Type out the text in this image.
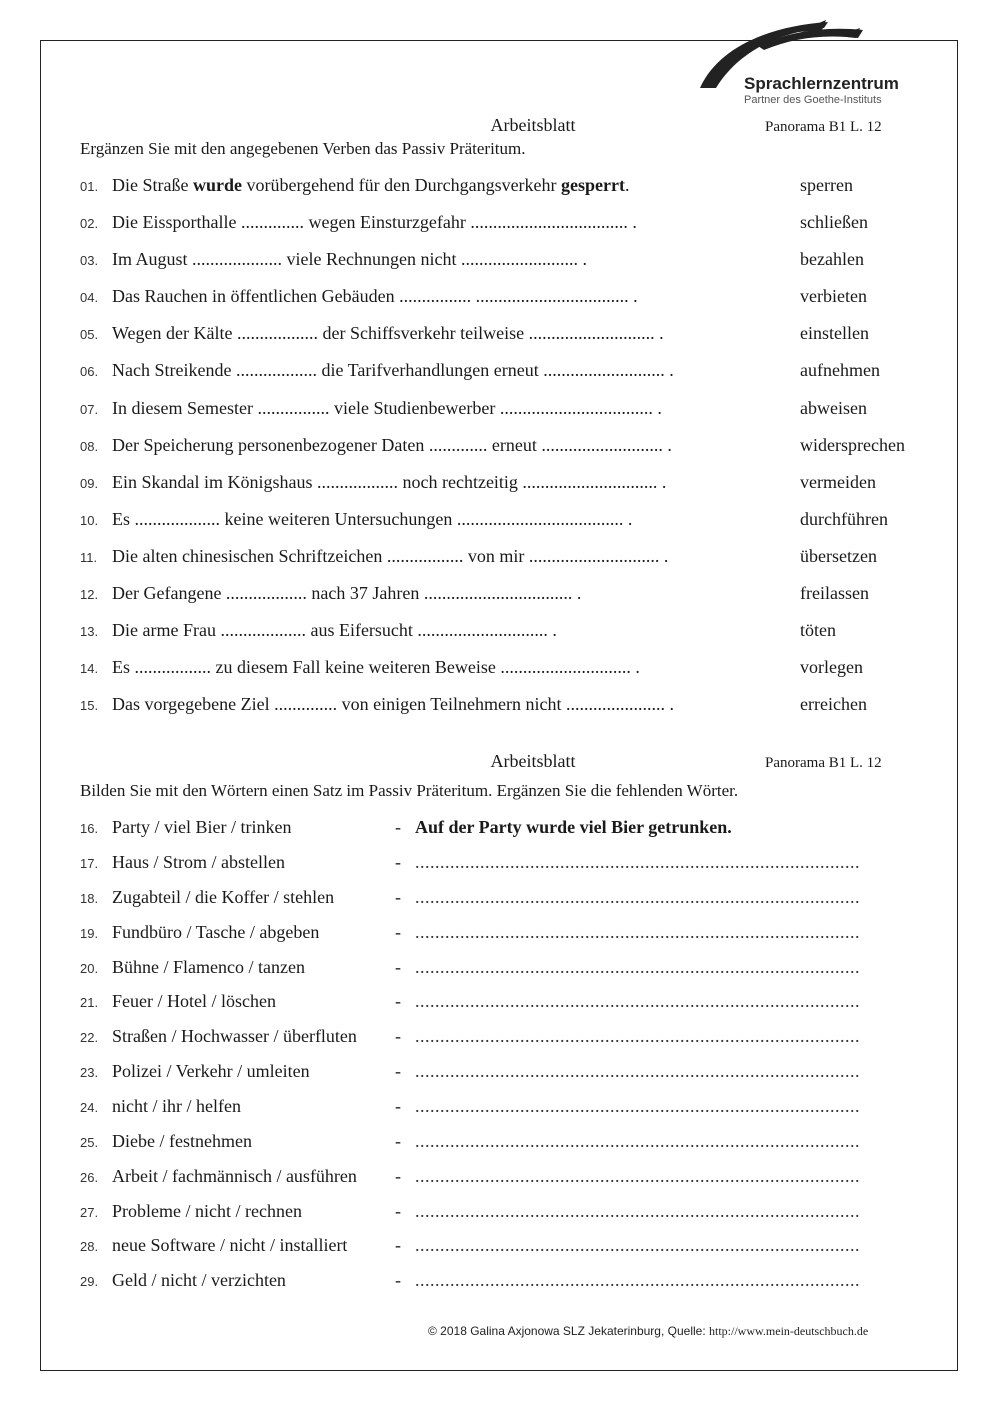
Sprachlernzentrum
Partner des Goethe-Instituts
Arbeitsblatt	Panorama B1 L. 12
Ergänzen Sie mit den angegebenen Verben das Passiv Präteritum.
01. Die Straße wurde vorübergehend für den Durchgangsverkehr gesperrt.	sperren
02. Die Eissporthalle .............. wegen Einsturzgefahr ................................... .	schließen
03. Im August .................... viele Rechnungen nicht .......................... .	bezahlen
04. Das Rauchen in öffentlichen Gebäuden ................ .................................. .	verbieten
05. Wegen der Kälte .................. der Schiffsverkehr teilweise ............................ .	einstellen
06. Nach Streikende .................. die Tarifverhandlungen erneut ........................... .	aufnehmen
07. In diesem Semester ................ viele Studienbewerber .................................. .	abweisen
08. Der Speicherung personenbezogener Daten ............. erneut ........................... .	widersprechen
09. Ein Skandal im Königshaus .................. noch rechtzeitig .............................. .	vermeiden
10. Es ................... keine weiteren Untersuchungen ..................................... .	durchführen
11. Die alten chinesischen Schriftzeichen ................. von mir ............................. .	übersetzen
12. Der Gefangene .................. nach 37 Jahren ................................. .	freilassen
13. Die arme Frau ................... aus Eifersucht ............................. .	töten
14. Es ................. zu diesem Fall keine weiteren Beweise ............................. .	vorlegen
15. Das vorgegebene Ziel .............. von einigen Teilnehmern nicht ...................... .	erreichen
Arbeitsblatt	Panorama B1 L. 12
Bilden Sie mit den Wörtern einen Satz im Passiv Präteritum. Ergänzen Sie die fehlenden Wörter.
16. Party / viel Bier / trinken	- Auf der Party wurde viel Bier getrunken.
17. Haus / Strom / abstellen	- .........................................................................................
18. Zugabteil / die Koffer / stehlen	- .........................................................................................
19. Fundbüro / Tasche / abgeben	- .........................................................................................
20. Bühne / Flamenco / tanzen	- .........................................................................................
21. Feuer / Hotel / löschen	- .........................................................................................
22. Straßen / Hochwasser / überfluten - .........................................................................................
23. Polizei / Verkehr / umleiten	- .........................................................................................
24. nicht / ihr / helfen	- .........................................................................................
25. Diebe / festnehmen	- .........................................................................................
26. Arbeit / fachmännisch / ausführen - .........................................................................................
27. Probleme / nicht / rechnen	- .........................................................................................
28. neue Software / nicht / installiert	- .........................................................................................
29. Geld / nicht / verzichten	- .........................................................................................
© 2018 Galina Axjonowa SLZ Jekaterinburg, Quelle: http://www.mein-deutschbuch.de
